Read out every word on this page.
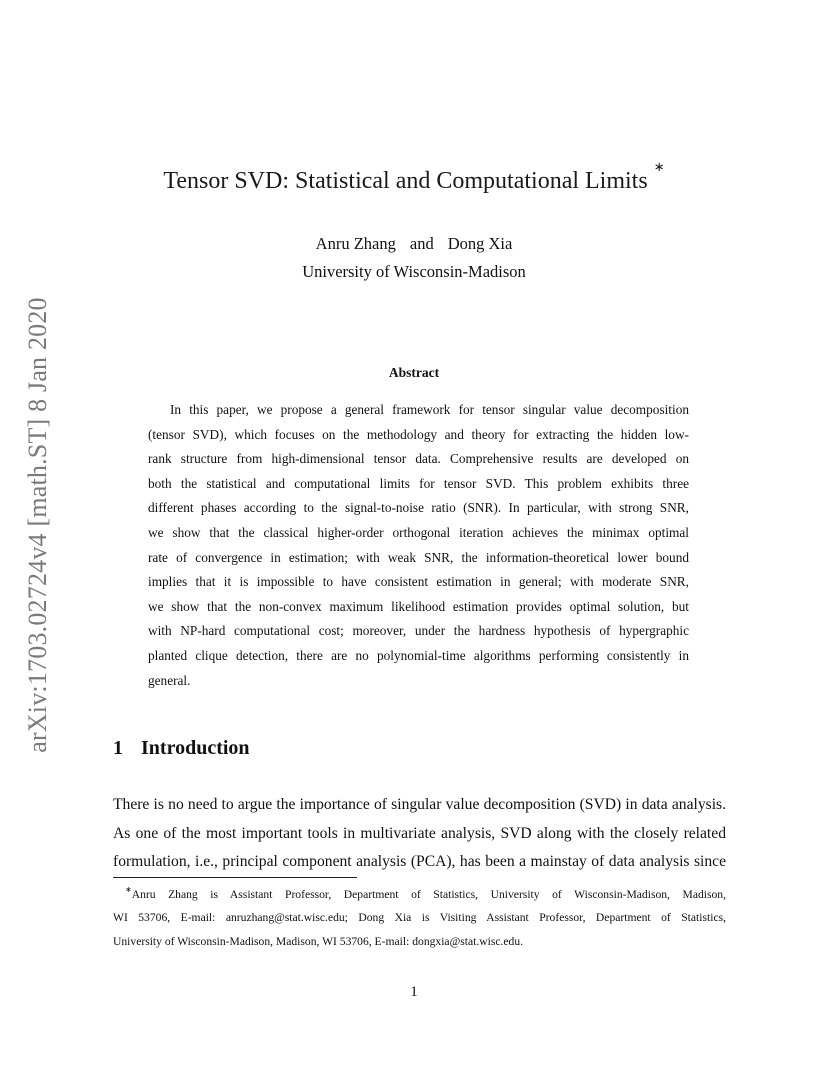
arXiv:1703.02724v4 [math.ST] 8 Jan 2020
Tensor SVD: Statistical and Computational Limits∗
Anru Zhang and Dong Xia
University of Wisconsin-Madison
Abstract
In this paper, we propose a general framework for tensor singular value decomposition
(tensor SVD), which focuses on the methodology and theory for extracting the hidden low-
rank structure from high-dimensional tensor data. Comprehensive results are developed on
both the statistical and computational limits for tensor SVD. This problem exhibits three
different phases according to the signal-to-noise ratio (SNR). In particular, with strong SNR,
we show that the classical higher-order orthogonal iteration achieves the minimax optimal
rate of convergence in estimation; with weak SNR, the information-theoretical lower bound
implies that it is impossible to have consistent estimation in general; with moderate SNR,
we show that the non-convex maximum likelihood estimation provides optimal solution, but
with NP-hard computational cost; moreover, under the hardness hypothesis of hypergraphic
planted clique detection, there are no polynomial-time algorithms performing consistently in
general.
1 Introduction
There is no need to argue the importance of singular value decomposition (SVD) in data analysis.
As one of the most important tools in multivariate analysis, SVD along with the closely related
formulation, i.e., principal component analysis (PCA), has been a mainstay of data analysis since
∗Anru Zhang is Assistant Professor, Department of Statistics, University of Wisconsin-Madison, Madison,
WI 53706, E-mail: anruzhang@stat.wisc.edu; Dong Xia is Visiting Assistant Professor, Department of Statistics,
University of Wisconsin-Madison, Madison, WI 53706, E-mail: dongxia@stat.wisc.edu.
1
